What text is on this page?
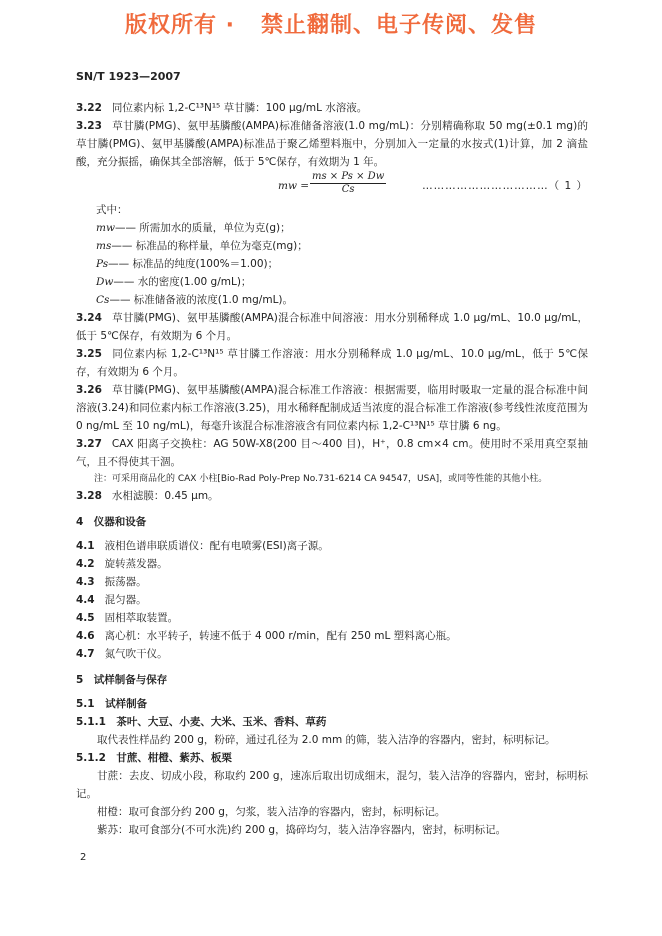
版权所有 ·   禁止翻制、电子传阅、发售
SN/T 1923—2007

3.22 同位素内标 1,2-C¹³N¹⁵ 草甘膦：100 μg/mL 水溶液。

3.23 草甘膦(PMG)、氨甲基膦酸(AMPA)标准储备溶液(1.0 mg/mL)：分别精确称取 50 mg(±0.1 mg)的草甘膦(PMG)、氨甲基膦酸(AMPA)标准品于聚乙烯塑料瓶中，分别加入一定量的水按式(1)计算，加 2 滴盐酸，充分振摇，确保其全部溶解，低于 5℃保存，有效期为 1 年。

mw = $\frac{ms \times Ps \times Dw}{Cs}$	……………………………（ 1 ）

式中：

mw—— 所需加水的质量，单位为克(g)；

ms—— 标准品的称样量，单位为毫克(mg)；

Ps—— 标准品的纯度(100%＝1.00)；

Dw—— 水的密度(1.00 g/mL)；

Cs—— 标准储备液的浓度(1.0 mg/mL)。

3.24 草甘膦(PMG)、氨甲基膦酸(AMPA)混合标准中间溶液：用水分别稀释成 1.0 μg/mL、10.0 μg/mL，低于 5℃保存，有效期为 6 个月。

3.25 同位素内标 1,2-C¹³N¹⁵ 草甘膦工作溶液：用水分别稀释成 1.0 μg/mL、10.0 μg/mL，低于 5℃保存，有效期为 6 个月。

3.26 草甘膦(PMG)、氨甲基膦酸(AMPA)混合标准工作溶液：根据需要，临用时吸取一定量的混合标准中间溶液(3.24)和同位素内标工作溶液(3.25)，用水稀释配制成适当浓度的混合标准工作溶液(参考线性浓度范围为 0 ng/mL 至 10 ng/mL)，每毫升该混合标准溶液含有同位素内标 1,2-C¹³N¹⁵ 草甘膦 6 ng。

3.27 CAX 阳离子交换柱：AG 50W-X8(200 目～400 目)，H⁺，0.8 cm×4 cm。使用时不采用真空泵抽气，且不得使其干涸。

注：可采用商品化的 CAX 小柱[Bio-Rad Poly-Prep No.731-6214 CA 94547，USA]，或同等性能的其他小柱。

3.28 水相滤膜：0.45 μm。

4　仪器和设备

4.1 液相色谱串联质谱仪：配有电喷雾(ESI)离子源。

4.2 旋转蒸发器。

4.3 振荡器。

4.4 混匀器。

4.5 固相萃取装置。

4.6 离心机：水平转子，转速不低于 4 000 r/min，配有 250 mL 塑料离心瓶。

4.7 氮气吹干仪。

5　试样制备与保存

5.1　试样制备

5.1.1　茶叶、大豆、小麦、大米、玉米、香料、草药

取代表性样品约 200 g，粉碎，通过孔径为 2.0 mm 的筛，装入洁净的容器内，密封，标明标记。

5.1.2　甘蔗、柑橙、紫苏、板栗

甘蔗：去皮、切成小段，称取约 200 g，速冻后取出切成细末，混匀，装入洁净的容器内，密封，标明标记。

柑橙：取可食部分约 200 g，匀浆，装入洁净的容器内，密封，标明标记。

紫苏：取可食部分(不可水洗)约 200 g，捣碎均匀，装入洁净容器内，密封，标明标记。

2
